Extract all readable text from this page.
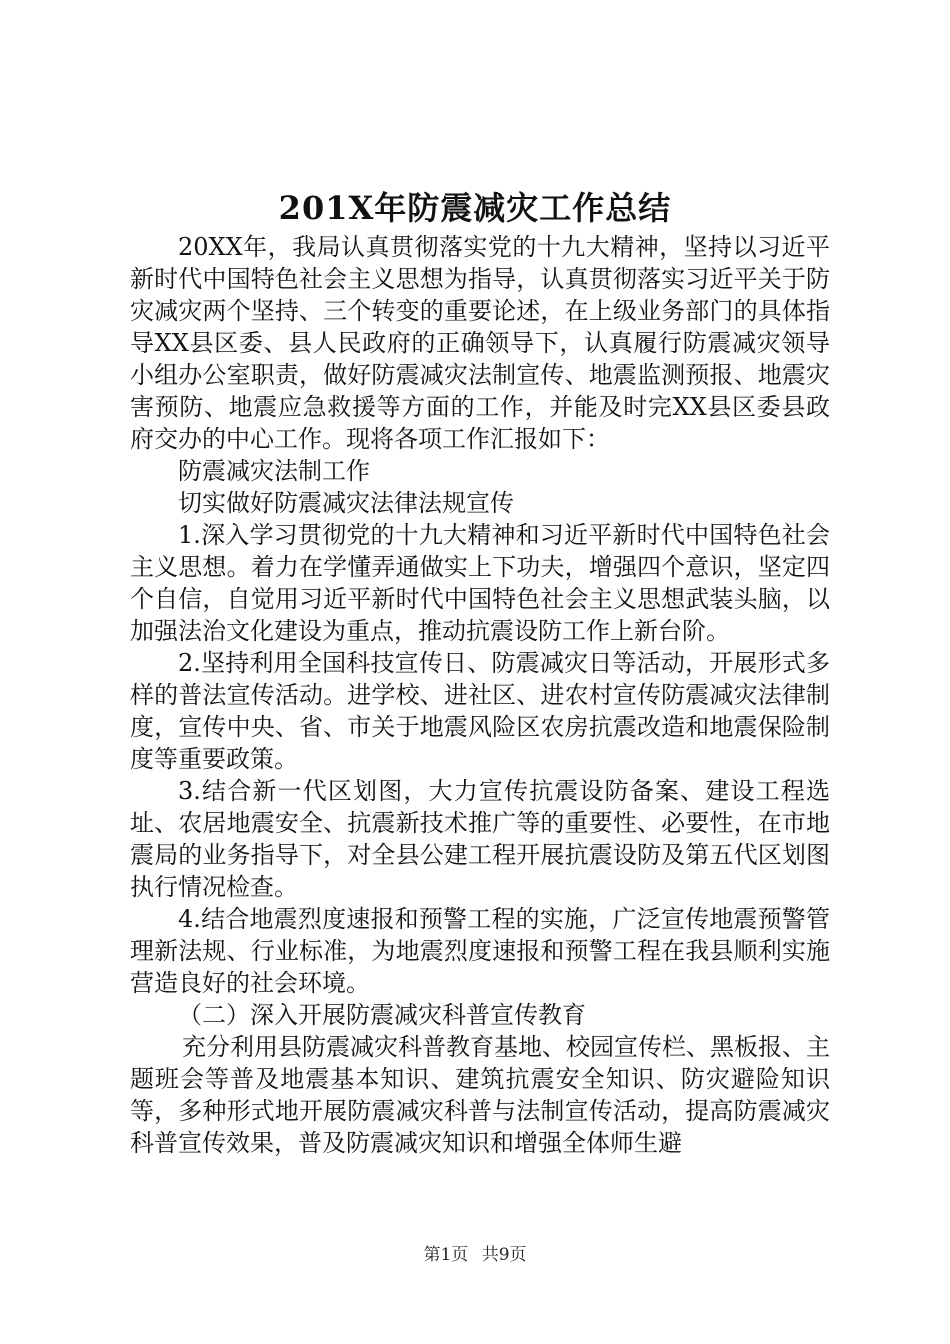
201X年防震减灾工作总结

20XX年，我局认真贯彻落实党的十九大精神，坚持以习近平新时代中国特色社会主义思想为指导，认真贯彻落实习近平关于防灾减灾两个坚持、三个转变的重要论述，在上级业务部门的具体指导XX县区委、县人民政府的正确领导下，认真履行防震减灾领导小组办公室职责，做好防震减灾法制宣传、地震监测预报、地震灾害预防、地震应急救援等方面的工作，并能及时完XX县区委县政府交办的中心工作。现将各项工作汇报如下：

防震减灾法制工作

切实做好防震减灾法律法规宣传

1.深入学习贯彻党的十九大精神和习近平新时代中国特色社会主义思想。着力在学懂弄通做实上下功夫，增强四个意识，坚定四个自信，自觉用习近平新时代中国特色社会主义思想武装头脑，以加强法治文化建设为重点，推动抗震设防工作上新台阶。

2.坚持利用全国科技宣传日、防震减灾日等活动，开展形式多样的普法宣传活动。进学校、进社区、进农村宣传防震减灾法律制度，宣传中央、省、市关于地震风险区农房抗震改造和地震保险制度等重要政策。

3.结合新一代区划图，大力宣传抗震设防备案、建设工程选址、农居地震安全、抗震新技术推广等的重要性、必要性，在市地震局的业务指导下，对全县公建工程开展抗震设防及第五代区划图执行情况检查。

4.结合地震烈度速报和预警工程的实施，广泛宣传地震预警管理新法规、行业标准，为地震烈度速报和预警工程在我县顺利实施营造良好的社会环境。

（二）深入开展防震减灾科普宣传教育

充分利用县防震减灾科普教育基地、校园宣传栏、黑板报、主题班会等普及地震基本知识、建筑抗震安全知识、防灾避险知识等，多种形式地开展防震减灾科普与法制宣传活动，提高防震减灾科普宣传效果，普及防震减灾知识和增强全体师生避

第1页 共9页
